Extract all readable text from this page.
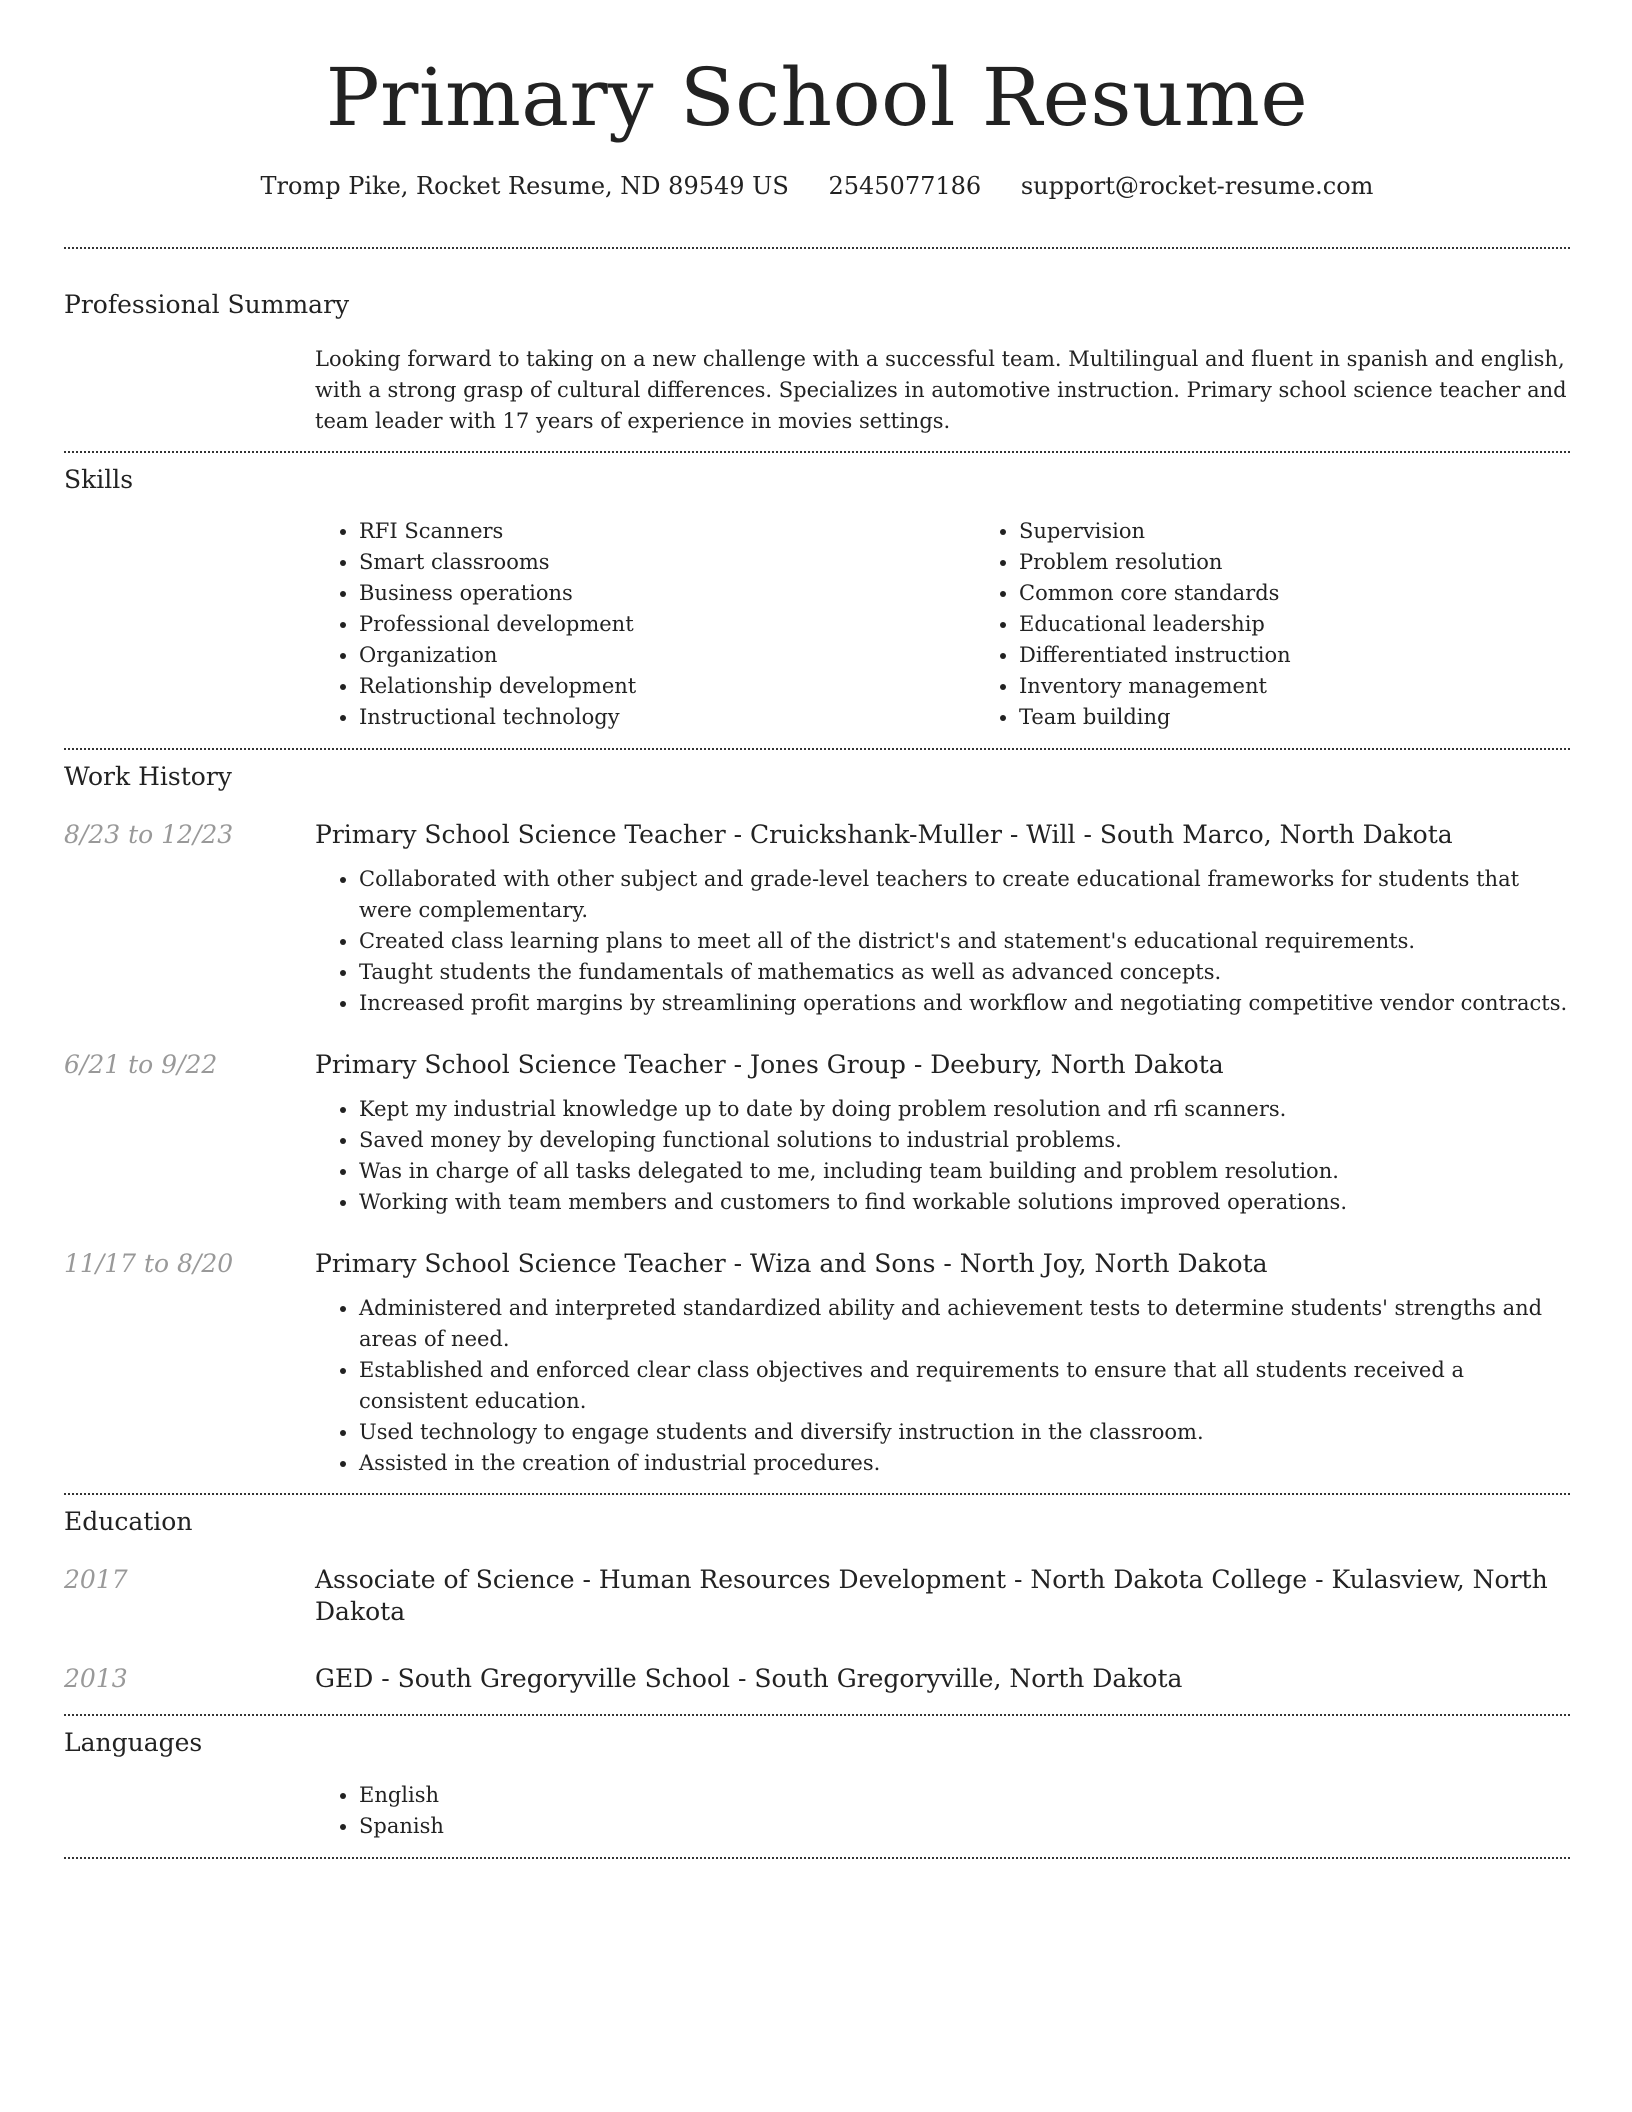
Primary School Resume
Tromp Pike, Rocket Resume, ND 89549 US 2545077186 support@rocket-resume.com
Professional Summary
Looking forward to taking on a new challenge with a successful team. Multilingual and fluent in spanish and english, with a strong grasp of cultural differences. Specializes in automotive instruction. Primary school science teacher and team leader with 17 years of experience in movies settings.
Skills
• RFI Scanners
• Smart classrooms
• Business operations
• Professional development
• Organization
• Relationship development
• Instructional technology
• Supervision
• Problem resolution
• Common core standards
• Educational leadership
• Differentiated instruction
• Inventory management
• Team building
Work History
8/23 to 12/23	Primary School Science Teacher - Cruickshank-Muller - Will - South Marco, North Dakota
• Collaborated with other subject and grade-level teachers to create educational frameworks for students that were complementary.
• Created class learning plans to meet all of the district's and statement's educational requirements.
• Taught students the fundamentals of mathematics as well as advanced concepts.
• Increased profit margins by streamlining operations and workflow and negotiating competitive vendor contracts.
6/21 to 9/22	Primary School Science Teacher - Jones Group - Deebury, North Dakota
• Kept my industrial knowledge up to date by doing problem resolution and rfi scanners.
• Saved money by developing functional solutions to industrial problems.
• Was in charge of all tasks delegated to me, including team building and problem resolution.
• Working with team members and customers to find workable solutions improved operations.
11/17 to 8/20	Primary School Science Teacher - Wiza and Sons - North Joy, North Dakota
• Administered and interpreted standardized ability and achievement tests to determine students' strengths and areas of need.
• Established and enforced clear class objectives and requirements to ensure that all students received a consistent education.
• Used technology to engage students and diversify instruction in the classroom.
• Assisted in the creation of industrial procedures.
Education
2017	Associate of Science - Human Resources Development - North Dakota College - Kulasview, North Dakota
2013	GED - South Gregoryville School - South Gregoryville, North Dakota
Languages
• English
• Spanish
